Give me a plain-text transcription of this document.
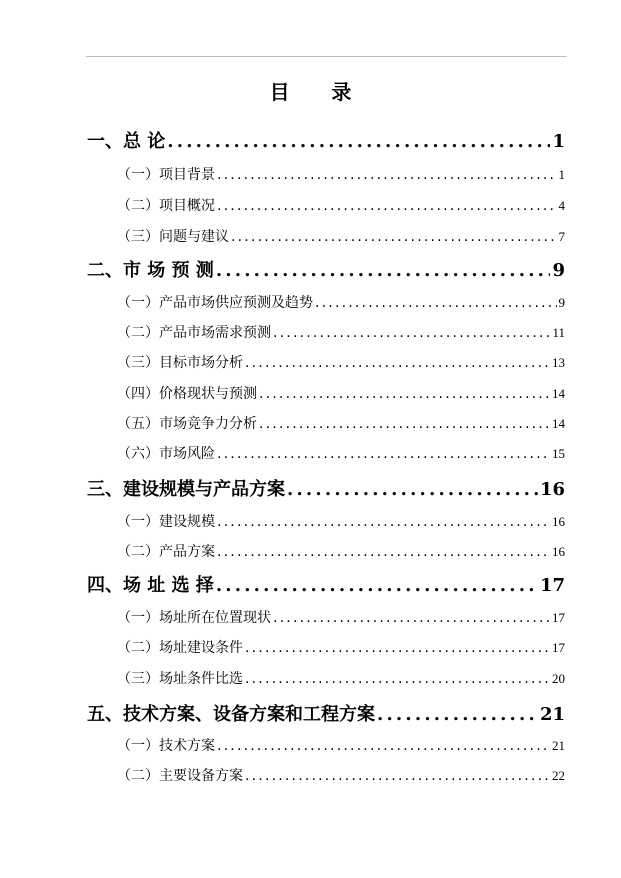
目      录
一、总 论 .....	1
（一）项目背景 .....	1
（二）项目概况 .....	4
（三）问题与建议 .....	7
二、市 场 预 测 .....	9
（一）产品市场供应预测及趋势 .....	9
（二）产品市场需求预测 .....	11
（三）目标市场分析 .....	13
（四）价格现状与预测 .....	14
（五）市场竞争力分析 .....	14
（六）市场风险 .....	15
三、建设规模与产品方案 .....	16
（一）建设规模 .....	16
（二）产品方案 .....	16
四、场 址 选 择 .....	17
（一）场址所在位置现状 .....	17
（二）场址建设条件 .....	17
（三）场址条件比选 .....	20
五、技术方案、设备方案和工程方案 .....	21
（一）技术方案 .....	21
（二）主要设备方案 .....	22
